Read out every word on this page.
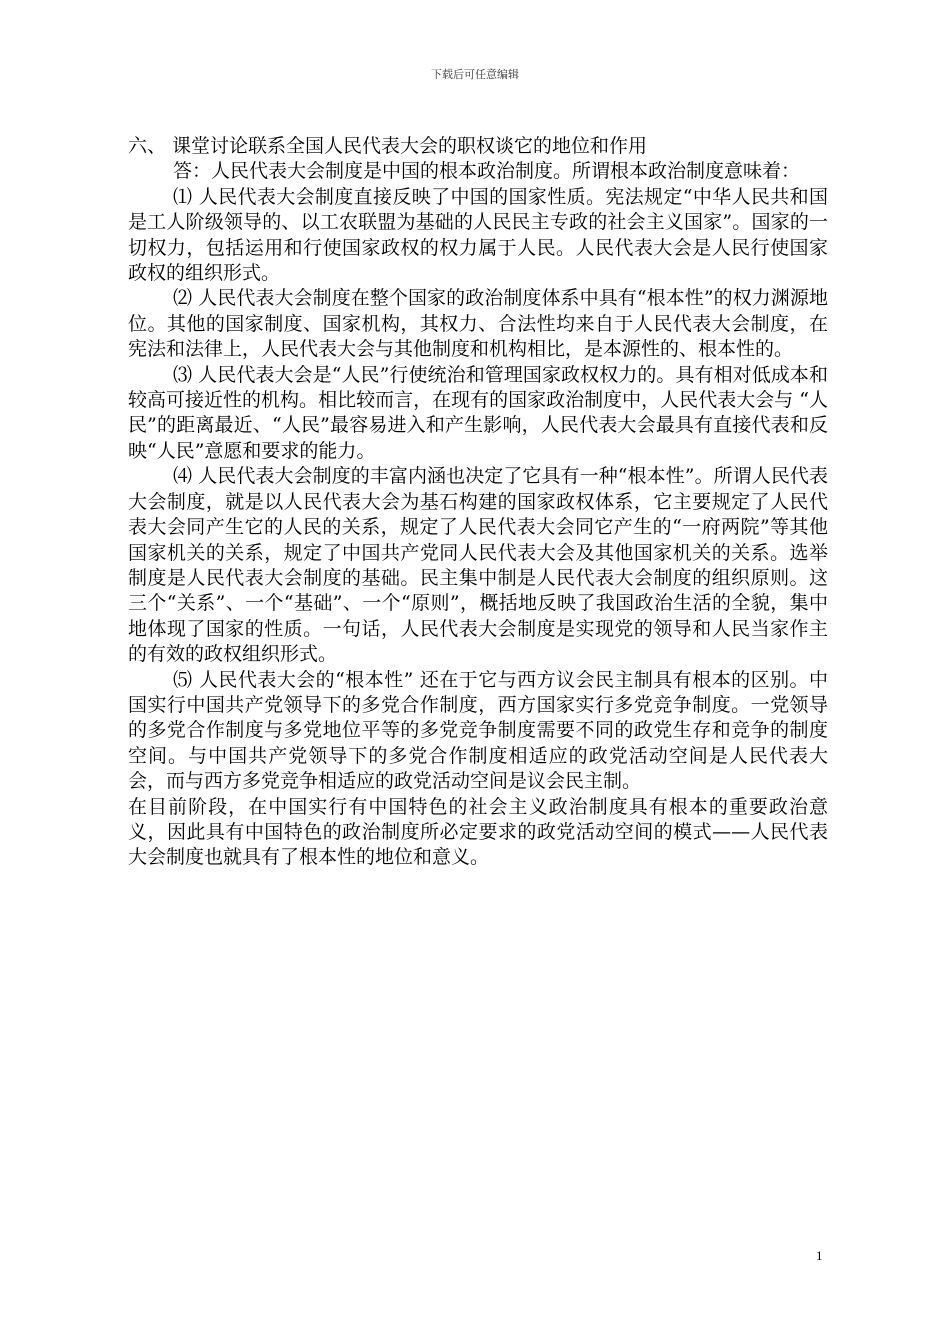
下载后可任意编辑

六、 课堂讨论联系全国人民代表大会的职权谈它的地位和作用

答：人民代表大会制度是中国的根本政治制度。所谓根本政治制度意味着：

⑴ 人民代表大会制度直接反映了中国的国家性质。宪法规定“中华人民共和国是工人阶级领导的、以工农联盟为基础的人民民主专政的社会主义国家”。国家的一切权力，包括运用和行使国家政权的权力属于人民。人民代表大会是人民行使国家政权的组织形式。

⑵ 人民代表大会制度在整个国家的政治制度体系中具有“根本性”的权力渊源地位。其他的国家制度、国家机构，其权力、合法性均来自于人民代表大会制度，在宪法和法律上，人民代表大会与其他制度和机构相比，是本源性的、根本性的。

⑶ 人民代表大会是“人民”行使统治和管理国家政权权力的。具有相对低成本和较高可接近性的机构。相比较而言，在现有的国家政治制度中，人民代表大会与 “人民”的距离最近、“人民”最容易进入和产生影响，人民代表大会最具有直接代表和反映“人民”意愿和要求的能力。

⑷ 人民代表大会制度的丰富内涵也决定了它具有一种“根本性”。所谓人民代表大会制度，就是以人民代表大会为基石构建的国家政权体系，它主要规定了人民代表大会同产生它的人民的关系，规定了人民代表大会同它产生的“一府两院”等其他国家机关的关系，规定了中国共产党同人民代表大会及其他国家机关的关系。选举制度是人民代表大会制度的基础。民主集中制是人民代表大会制度的组织原则。这三个“关系”、一个“基础”、一个“原则”，概括地反映了我国政治生活的全貌，集中地体现了国家的性质。一句话，人民代表大会制度是实现党的领导和人民当家作主的有效的政权组织形式。

⑸ 人民代表大会的“根本性” 还在于它与西方议会民主制具有根本的区别。中国实行中国共产党领导下的多党合作制度，西方国家实行多党竞争制度。一党领导的多党合作制度与多党地位平等的多党竞争制度需要不同的政党生存和竞争的制度空间。与中国共产党领导下的多党合作制度相适应的政党活动空间是人民代表大会，而与西方多党竞争相适应的政党活动空间是议会民主制。

在目前阶段，在中国实行有中国特色的社会主义政治制度具有根本的重要政治意义，因此具有中国特色的政治制度所必定要求的政党活动空间的模式——人民代表大会制度也就具有了根本性的地位和意义。

1
